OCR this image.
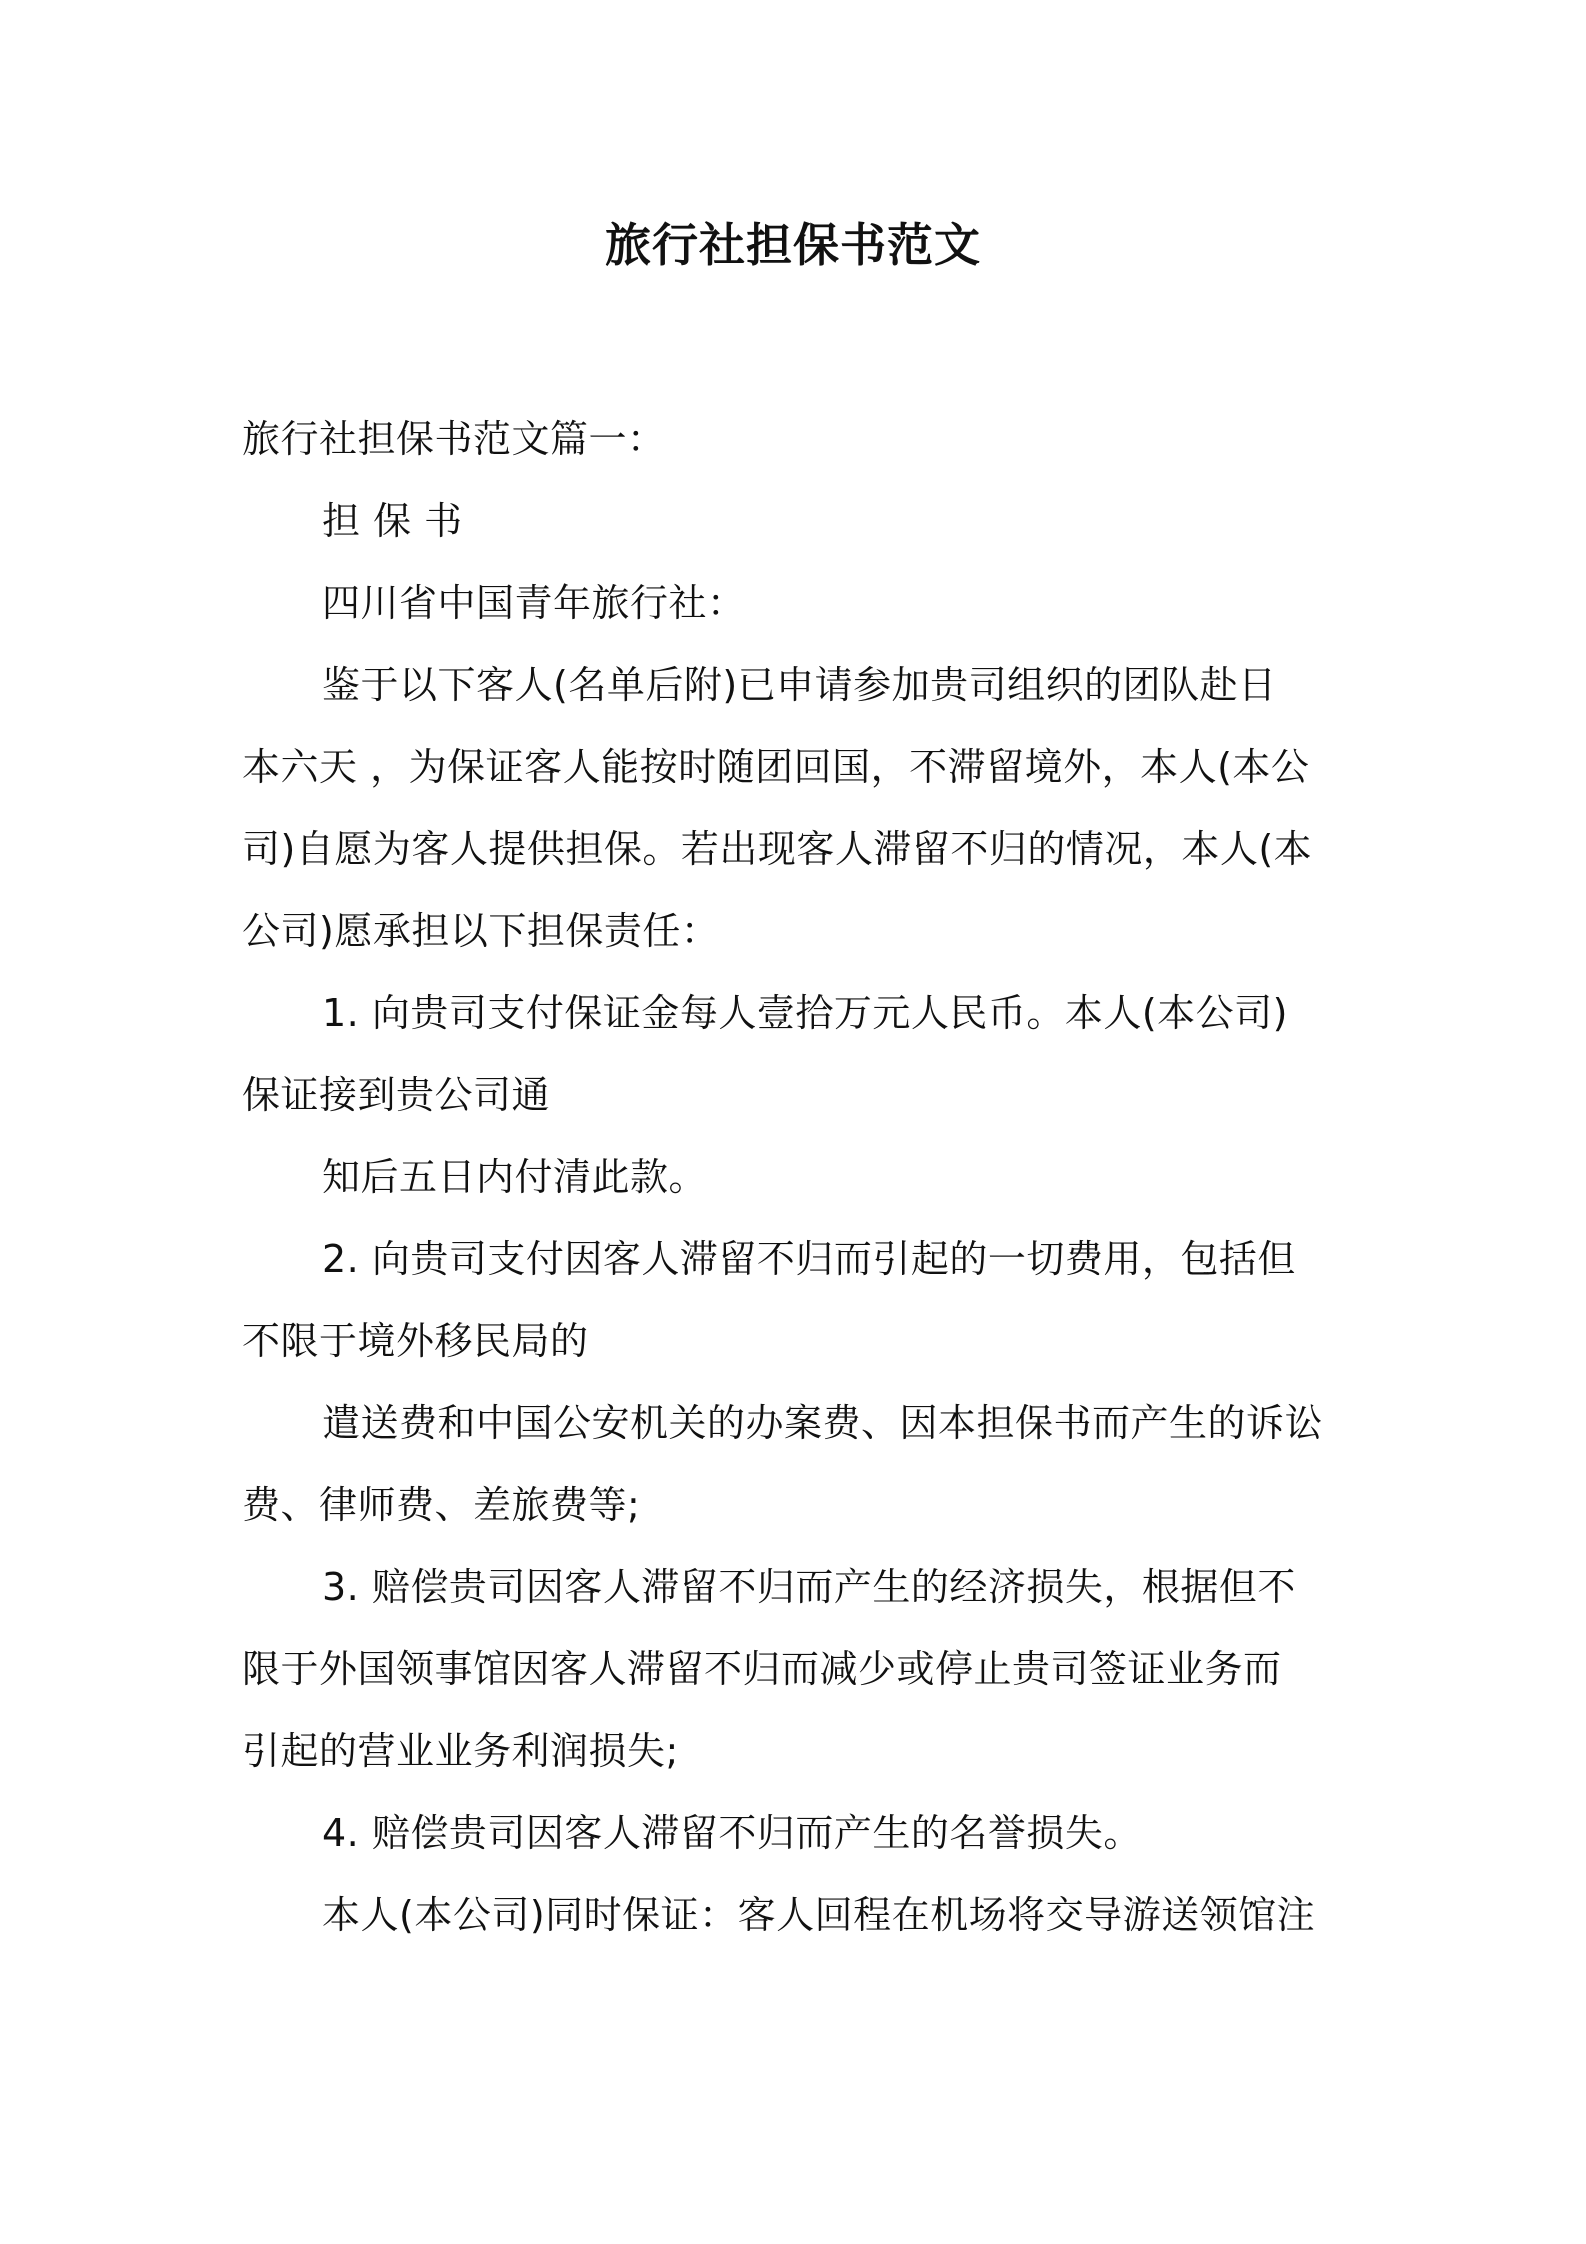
旅行社担保书范文

旅行社担保书范文篇一：

担 保 书

四川省中国青年旅行社：

鉴于以下客人(名单后附)已申请参加贵司组织的团队赴日
本六天 ，为保证客人能按时随团回国，不滞留境外，本人(本公
司)自愿为客人提供担保。若出现客人滞留不归的情况，本人(本
公司)愿承担以下担保责任：

1. 向贵司支付保证金每人壹拾万元人民币。本人(本公司)
保证接到贵公司通
知后五日内付清此款。

2. 向贵司支付因客人滞留不归而引起的一切费用，包括但
不限于境外移民局的
遣送费和中国公安机关的办案费、因本担保书而产生的诉讼
费、律师费、差旅费等;

3. 赔偿贵司因客人滞留不归而产生的经济损失，根据但不
限于外国领事馆因客人滞留不归而减少或停止贵司签证业务而
引起的营业业务利润损失;

4. 赔偿贵司因客人滞留不归而产生的名誉损失。

本人(本公司)同时保证：客人回程在机场将交导游送领馆注
